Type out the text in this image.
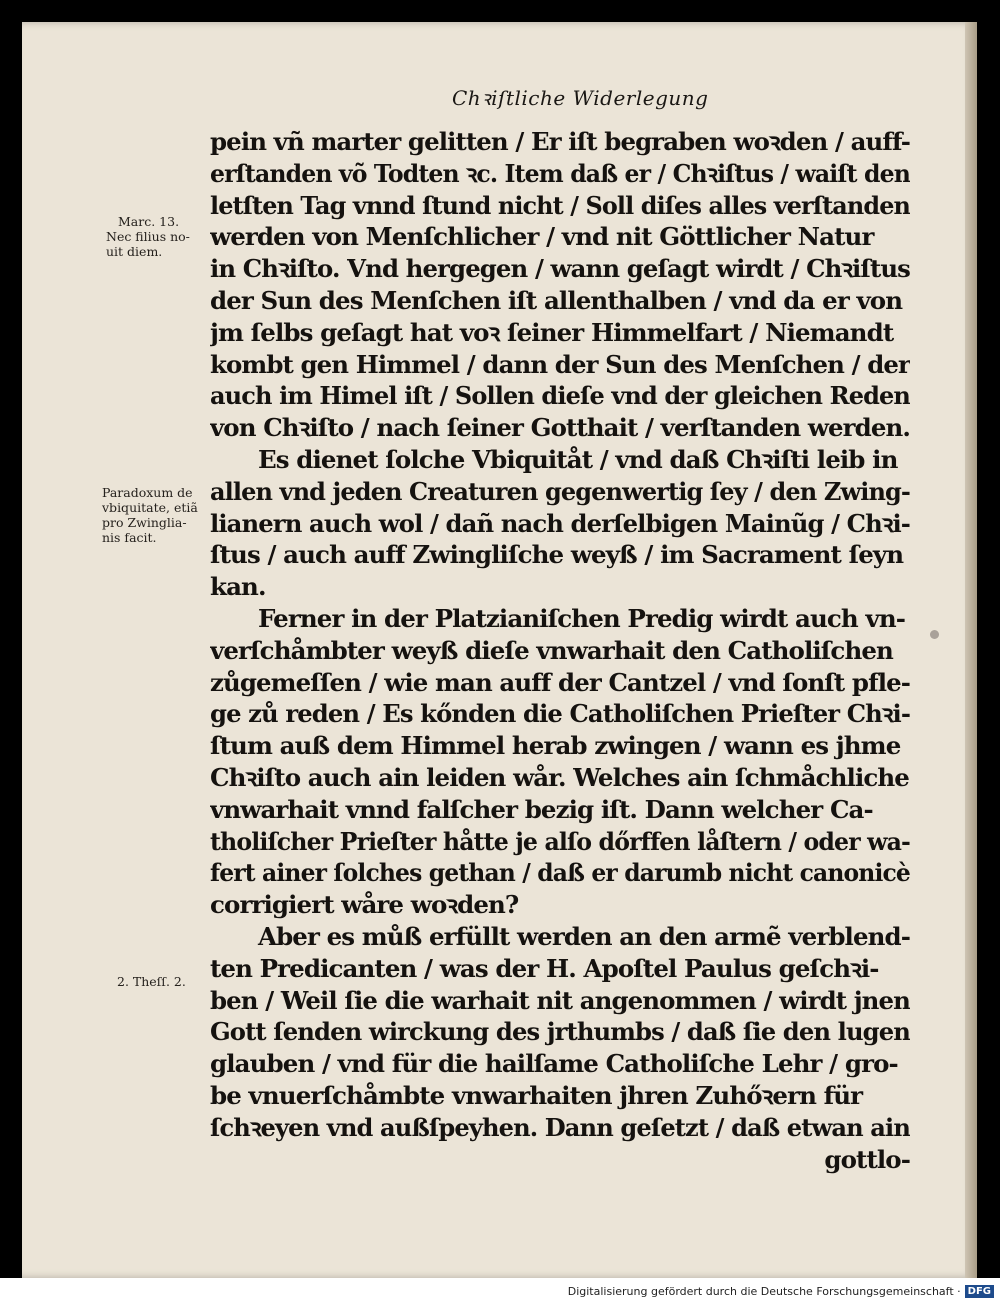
Chꝛiſtliche Widerlegung
Marc. 13.
Nec filius no-
uit diem.
Paradoxum de
vbiquitate, etiã
pro Zwinglia-
nis facit.
2. Theſſ. 2.
pein vñ marter gelitten / Er iſt begraben woꝛden / auff-
erſtanden võ Todten ꝛc. Item daß er / Chꝛiſtus / waiſt den
letſten Tag vnnd ſtund nicht / Soll diſes alles verſtanden
werden von Menſchlicher / vnd nit Göttlicher Natur
in Chꝛiſto. Vnd hergegen / wann geſagt wirdt / Chꝛiſtus
der Sun des Menſchen iſt allenthalben / vnd da er von
jm ſelbs geſagt hat voꝛ ſeiner Himmelfart / Niemandt
kombt gen Himmel / dann der Sun des Menſchen / der
auch im Himel iſt / Sollen dieſe vnd der gleichen Reden
von Chꝛiſto / nach ſeiner Gotthait / verſtanden werden.
Es dienet ſolche Vbiquitåt / vnd daß Chꝛiſti leib in
allen vnd jeden Creaturen gegenwertig ſey / den Zwing-
lianern auch wol / dañ nach derſelbigen Mainũg / Chꝛi-
ſtus / auch auff Zwingliſche weyß / im Sacrament ſeyn
kan.
Ferner in der Platzianiſchen Predig wirdt auch vn-
verſchåmbter weyß dieſe vnwarhait den Catholiſchen
zůgemeſſen / wie man auff der Cantzel / vnd ſonſt pfle-
ge zů reden / Es kőnden die Catholiſchen Prieſter Chꝛi-
ſtum auß dem Himmel herab zwingen / wann es jhme
Chꝛiſto auch ain leiden wår. Welches ain ſchmåchliche
vnwarhait vnnd falſcher bezig iſt. Dann welcher Ca-
tholiſcher Prieſter håtte je alſo dőrffen låſtern / oder wa-
fert ainer ſolches gethan / daß er darumb nicht canonicè
corrigiert wåre woꝛden?
Aber es můß erfüllt werden an den armẽ verblend-
ten Predicanten / was der H. Apoſtel Paulus geſchꝛi-
ben / Weil ſie die warhait nit angenommen / wirdt jnen
Gott ſenden wirckung des jrthumbs / daß ſie den lugen
glauben / vnd für die hailſame Catholiſche Lehr / gro-
be vnuerſchåmbte vnwarhaiten jhren Zuhőꝛern für
ſchꝛeyen vnd außſpeyhen. Dann geſetzt / daß etwan ain
gottlo-
Digitalisierung gefördert durch die Deutsche Forschungsgemeinschaft · DFG
